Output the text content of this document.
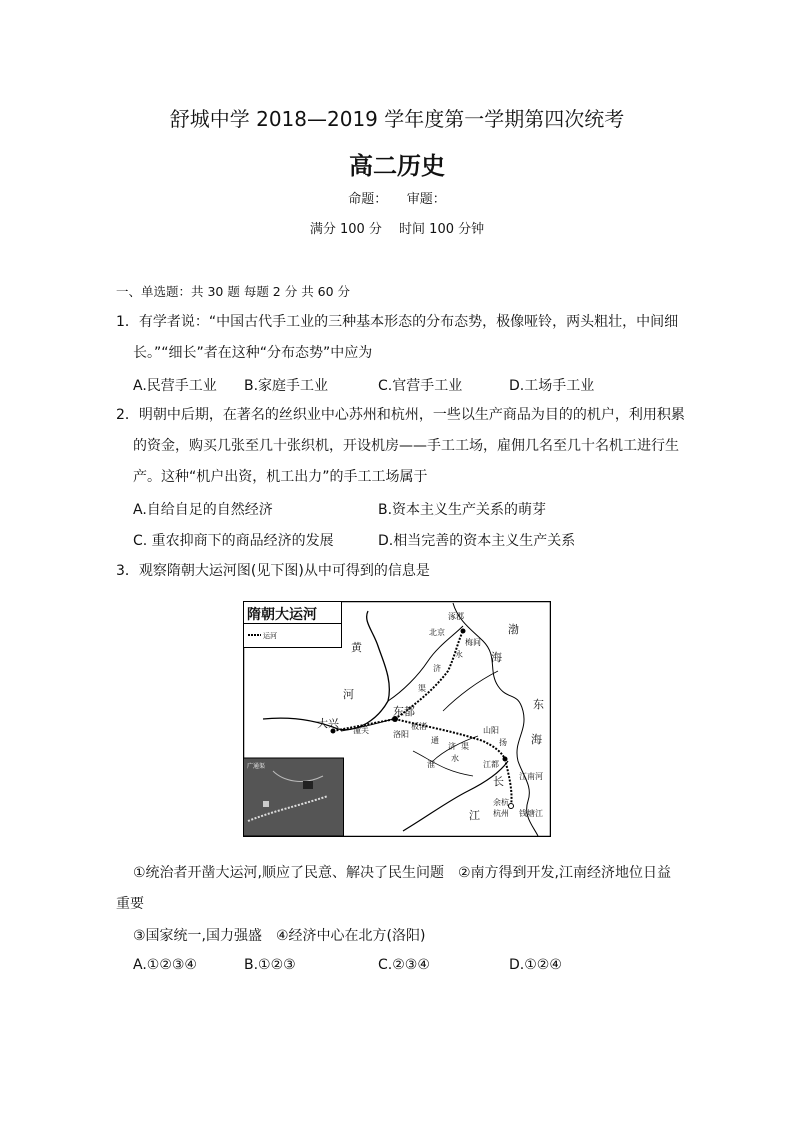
舒城中学 2018—2019 学年度第一学期第四次统考
高二历史
命题：　　审题：
满分 100 分　 时间 100 分钟
一、单选题：共 30 题 每题 2 分 共 60 分
1．有学者说：“中国古代手工业的三种基本形态的分布态势，极像哑铃，两头粗壮，中间细
长。”“细长”者在这种“分布态势”中应为
A.民营手工业 B.家庭手工业	C.官营手工业	D.工场手工业
2．明朝中后期，在著名的丝织业中心苏州和杭州，一些以生产商品为目的的机户，利用积累
的资金，购买几张至几十张织机，开设机房——手工工场，雇佣几名至几十名机工进行生
产。这种“机户出资，机工出力”的手工工场属于
A.自给自足的自然经济	B.资本主义生产关系的萌芽
C. 重农抑商下的商品经济的发展	D.相当完善的资本主义生产关系
3．观察隋朝大运河图(见下图)从中可得到的信息是
隋朝大运河
运河
广通渠
涿郡
北京
梅间
渤
海
永
济
渠
黄
河
东都
大兴
潼关	洛阳
板渚
通
东
海
山阳
济 渠
水
淮	江都
扬
长
江
江南河
余杭
杭州 钱塘江
①统治者开凿大运河,顺应了民意、解决了民生问题　②南方得到开发,江南经济地位日益
重要
③国家统一,国力强盛　④经济中心在北方(洛阳)
A.①②③④	B.①②③	C.②③④	D.①②④
